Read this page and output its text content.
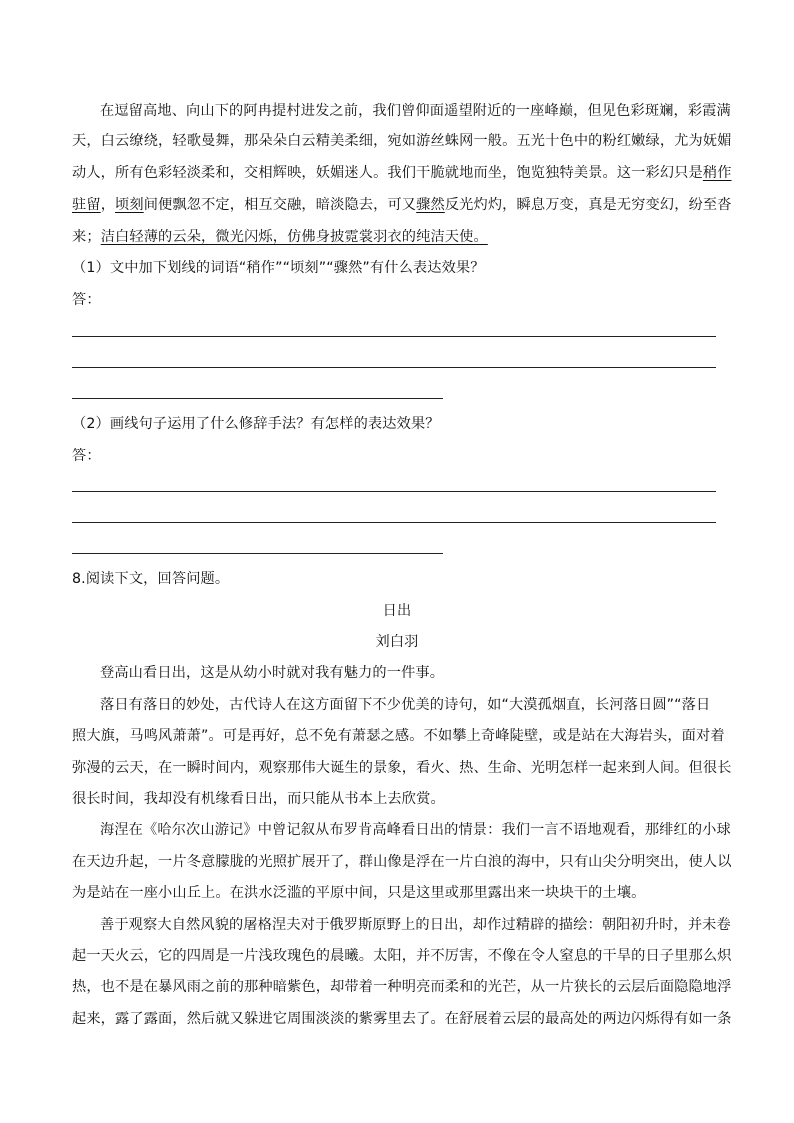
在逗留高地、向山下的阿冉提村进发之前，我们曾仰面遥望附近的一座峰巅，但见色彩斑斓，彩霞满
天，白云缭绕，轻歌曼舞，那朵朵白云精美柔细，宛如游丝蛛网一般。五光十色中的粉红嫩绿，尤为妩媚
动人，所有色彩轻淡柔和，交相辉映，妖媚迷人。我们干脆就地而坐，饱览独特美景。这一彩幻只是稍作
驻留，顷刻间便飘忽不定，相互交融，暗淡隐去，可又骤然反光灼灼，瞬息万变，真是无穷变幻，纷至沓
来；洁白轻薄的云朵，微光闪烁，仿佛身披霓裳羽衣的纯洁天使。
（1）文中加下划线的词语“稍作”“顷刻”“骤然”有什么表达效果？
答：
（2）画线句子运用了什么修辞手法？有怎样的表达效果？
答：
8.阅读下文，回答问题。
日出
刘白羽
登高山看日出，这是从幼小时就对我有魅力的一件事。
落日有落日的妙处，古代诗人在这方面留下不少优美的诗句，如“大漠孤烟直，长河落日圆”“落日
照大旗，马鸣风萧萧”。可是再好，总不免有萧瑟之感。不如攀上奇峰陡壁，或是站在大海岩头，面对着
弥漫的云天，在一瞬时间内，观察那伟大诞生的景象，看火、热、生命、光明怎样一起来到人间。但很长
很长时间，我却没有机缘看日出，而只能从书本上去欣赏。
海涅在《哈尔次山游记》中曾记叙从布罗肯高峰看日出的情景：我们一言不语地观看，那绯红的小球
在天边升起，一片冬意朦胧的光照扩展开了，群山像是浮在一片白浪的海中，只有山尖分明突出，使人以
为是站在一座小山丘上。在洪水泛滥的平原中间，只是这里或那里露出来一块块干的土壤。
善于观察大自然风貌的屠格涅夫对于俄罗斯原野上的日出，却作过精辟的描绘：朝阳初升时，并未卷
起一天火云，它的四周是一片浅玫瑰色的晨曦。太阳，并不厉害，不像在令人窒息的干旱的日子里那么炽
热，也不是在暴风雨之前的那种暗紫色，却带着一种明亮而柔和的光芒，从一片狭长的云层后面隐隐地浮
起来，露了露面，然后就又躲进它周围淡淡的紫雾里去了。在舒展着云层的最高处的两边闪烁得有如一条
